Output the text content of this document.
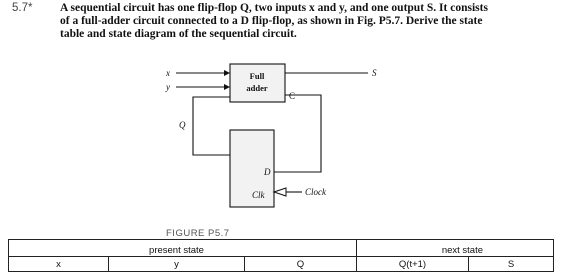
5.7* A sequential circuit has one flip-flop Q, two inputs x and y, and one output S. It consists
of a full-adder circuit connected to a D flip-flop, as shown in Fig. P5.7. Derive the state
table and state diagram of the sequential circuit.
x
y
Full
adder
C
S
Q
D
Clk	Clock
FIGURE P5.7
	present state		next state	
x	y	Q	Q(t+1)	S
